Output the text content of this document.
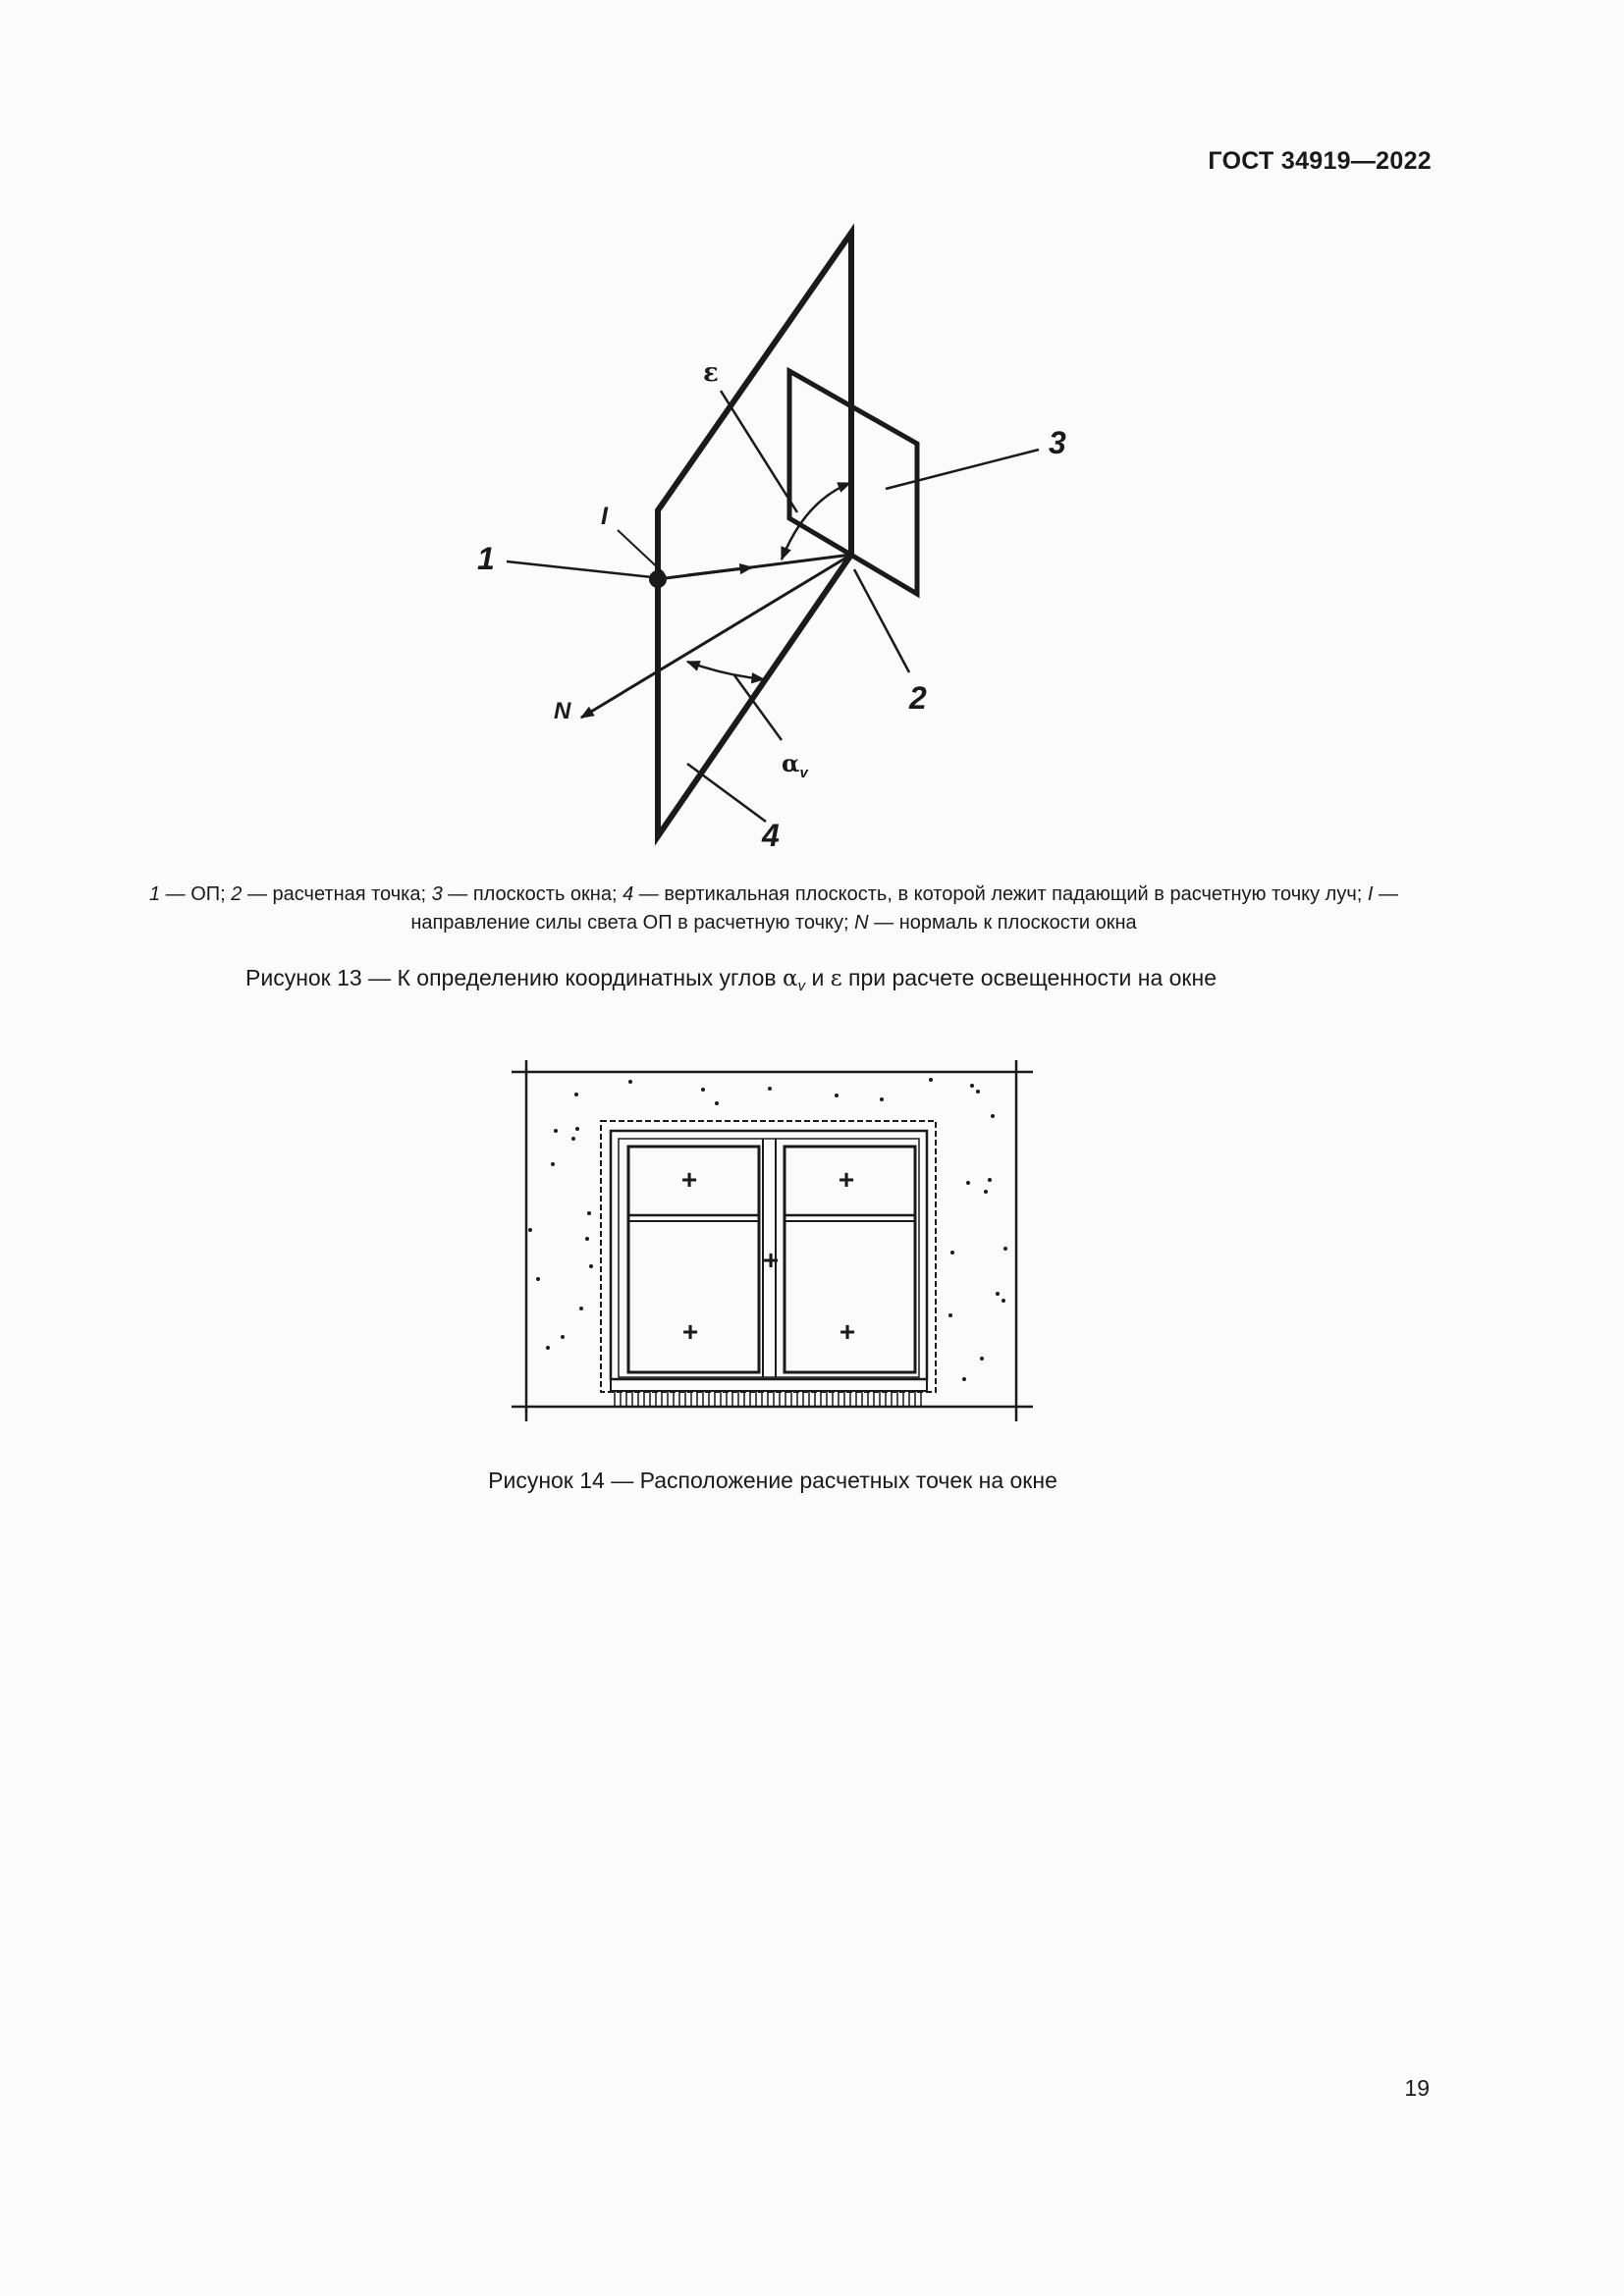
ГОСТ 34919—2022
1
2
3
4
I
N
ε
$\alpha_v$
1 — ОП; 2 — расчетная точка; 3 — плоскость окна; 4 — вертикальная плоскость, в которой лежит падающий в расчетную точку луч; I — направление силы света ОП в расчетную точку; N — нормаль к плоскости окна
Рисунок 13 — К определению координатных углов $\alpha_v$ и ε при расчете освещенности на окне
+	+
+
+	+
Рисунок 14 — Расположение расчетных точек на окне
19
